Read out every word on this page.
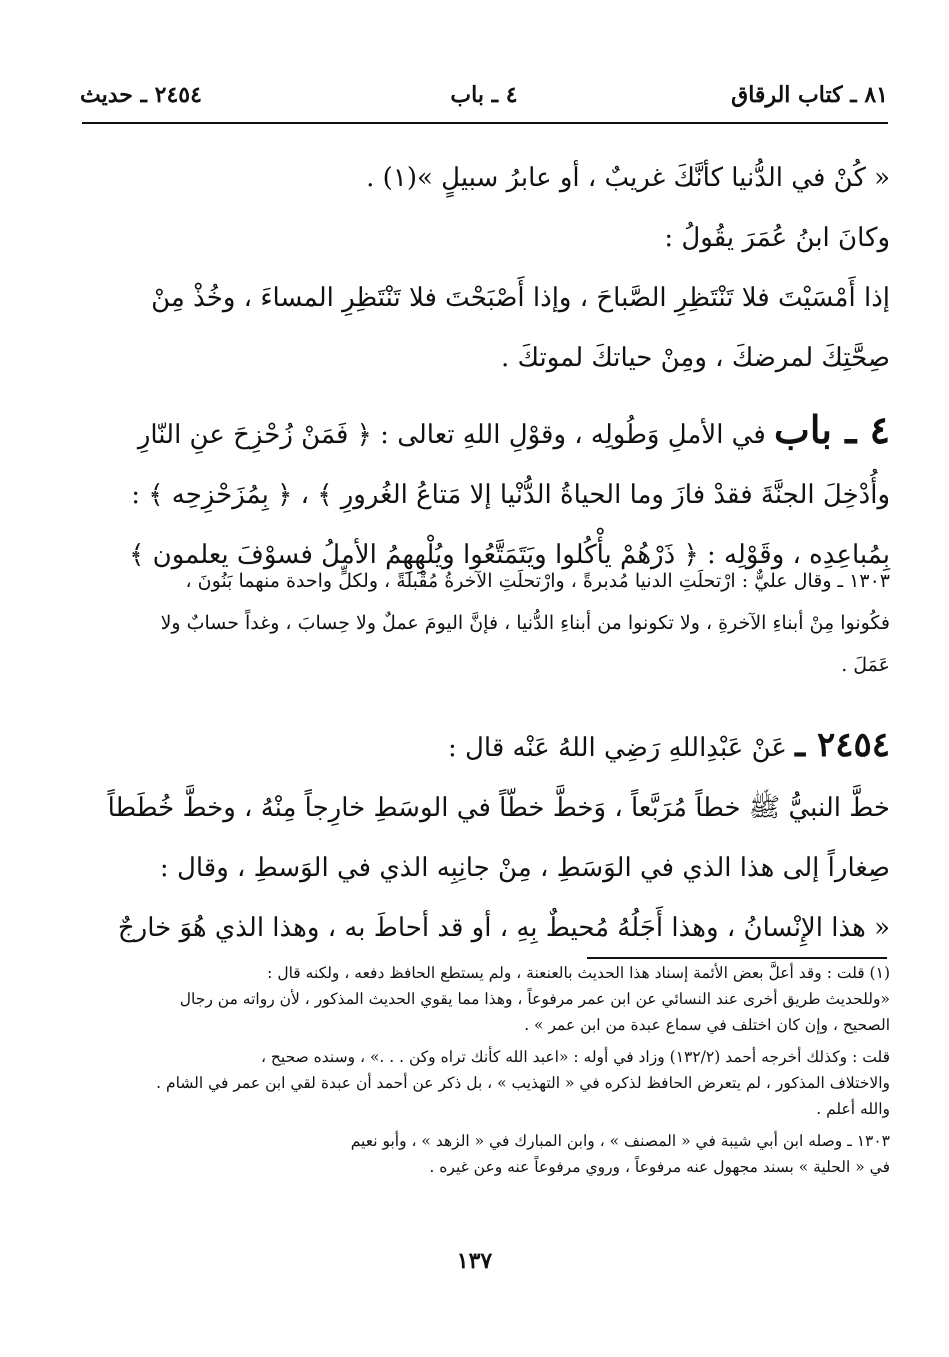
٨١ ـ كتاب الرقاق
٤ ـ باب
٢٤٥٤ ـ حديث

« كُنْ في الدُّنيا كأنَّكَ غريبٌ ، أو عابرُ سبيلٍ »(١) .

وكانَ ابنُ عُمَرَ يقُولُ :

إذا أَمْسَيْتَ فلا تَنْتَظِرِ الصَّباحَ ، وإذا أَصْبَحْتَ فلا تَنْتَظِرِ المساءَ ، وخُذْ مِنْ

صِحَّتِكَ لمرضكَ ، ومِنْ حياتكَ لموتكَ .

٤ ـ باب في الأملِ وَطُولِه ، وقوْلِ اللهِ تعالى : ﴿ فَمَنْ زُحْزِحَ عنِ النّارِ

وأُدْخِلَ الجنَّةَ فقدْ فازَ وما الحياةُ الدُّنْيا إلا مَتاعُ الغُرورِ ﴾ ، ﴿ بِمُزَحْزِحِه ﴾ :

بِمُباعِدِه ، وقَوْلِه : ﴿ ذَرْهُمْ يأْكُلوا ويَتَمَتَّعُوا ويُلْهِهِمُ الأملُ فسوْفَ يعلمون ﴾

١٣٠٣ ـ وقال عليٌّ : ارْتحلَتِ الدنيا مُدبرةً ، وارْتحلَتِ الآخرةُ مُقْبلةً ، ولكلٍّ واحدة منهما بَنُونَ ،

فكُونوا مِنْ أبناءِ الآخرةِ ، ولا تكونوا من أبناءِ الدُّنيا ، فإنَّ اليومَ عملٌ ولا حِسابَ ، وغداً حسابٌ ولا

عَمَلَ .

٢٤٥٤ ـ عَنْ عَبْدِاللهِ رَضِي اللهُ عَنْه قال :

خطَّ النبيُّ ﷺ خطاً مُرَبَّعاً ، وَخطَّ خطّاً في الوسَطِ خارِجاً مِنْهُ ، وخطَّ خُطَطاً

صِغاراً إلى هذا الذي في الوَسَطِ ، مِنْ جانِبِه الذي في الوَسطِ ، وقال :

« هذا الإِنْسانُ ، وهذا أَجَلُهُ مُحيطٌ بِهِ ، أو قد أحاطَ به ، وهذا الذي هُوَ خارجٌ

(١) قلت : وقد أعلَّ بعض الأئمة إسناد هذا الحديث بالعنعنة ، ولم يستطع الحافظ دفعه ، ولكنه قال :

«وللحديث طريق أخرى عند النسائي عن ابن عمر مرفوعاً ، وهذا مما يقوي الحديث المذكور ، لأن رواته من رجال

الصحيح ، وإن كان اختلف في سماع عبدة من ابن عمر » .

قلت : وكذلك أخرجه أحمد (١٣٢/٢) وزاد في أوله : «اعبد الله كأنك تراه وكن . . .» ، وسنده صحيح ،

والاختلاف المذكور ، لم يتعرض الحافظ لذكره في « التهذيب » ، بل ذكر عن أحمد أن عبدة لقي ابن عمر في الشام .

والله أعلم .

١٣٠٣ ـ وصله ابن أبي شيبة في « المصنف » ، وابن المبارك في « الزهد » ، وأبو نعيم

في « الحلية » بسند مجهول عنه مرفوعاً ، وروي مرفوعاً عنه وعن غيره .

١٣٧
